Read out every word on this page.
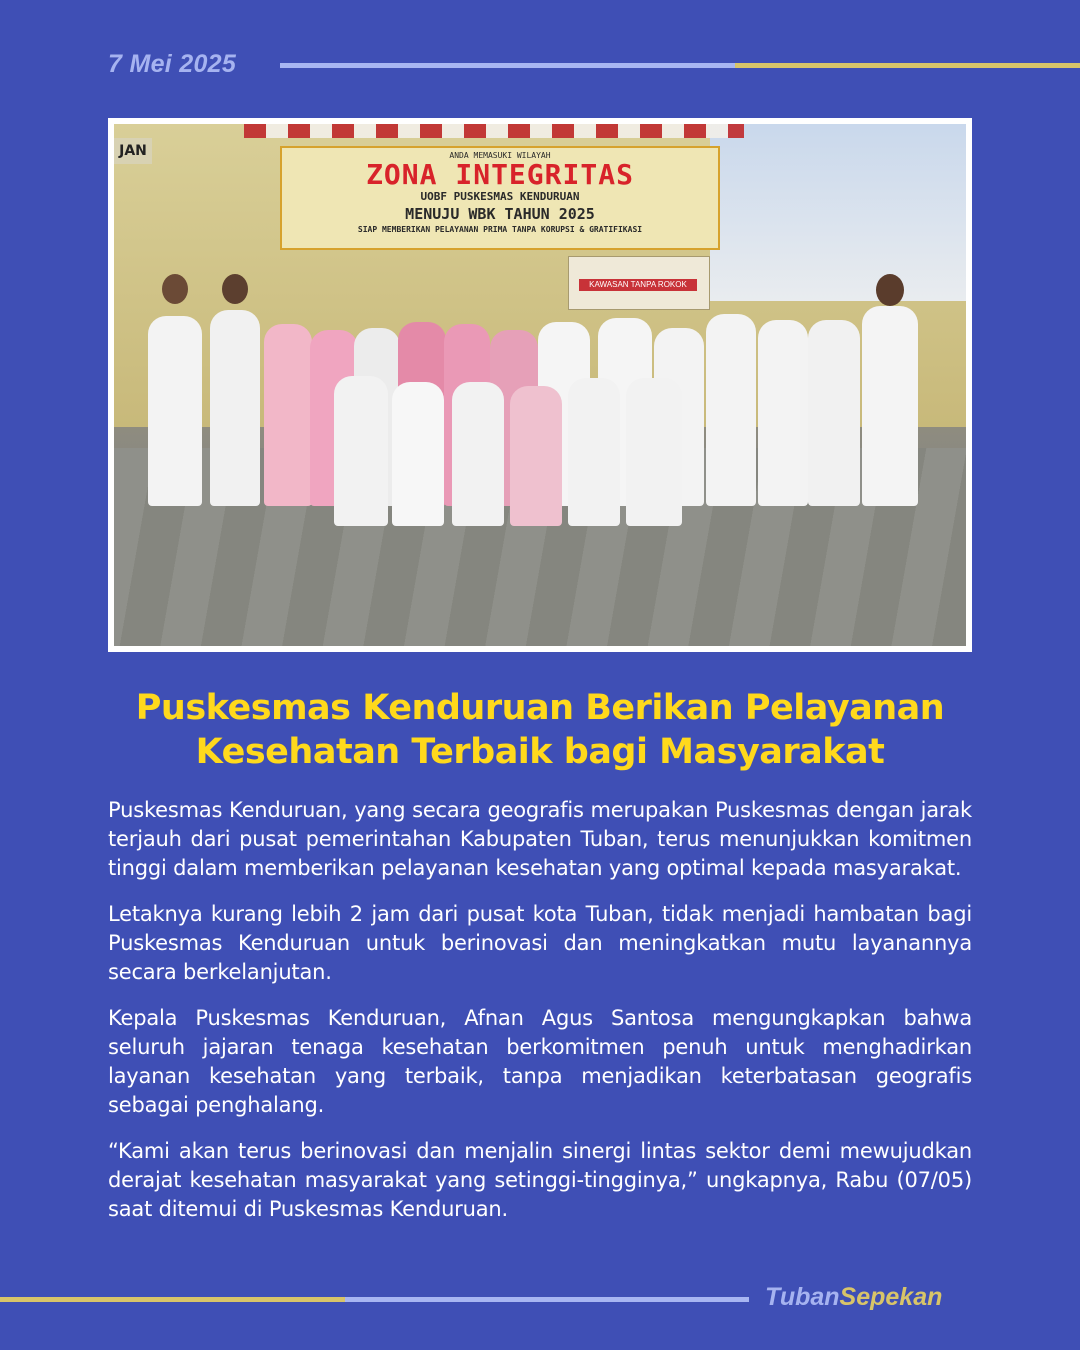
7 Mei 2025
JAN	ANDA MEMASUKI WILAYAH
ZONA INTEGRITAS
UOBF PUSKESMAS KENDURUAN
MENUJU WBK TAHUN 2025
SIAP MEMBERIKAN PELAYANAN PRIMA TANPA KORUPSI & GRATIFIKASI
KAWASAN TANPA ROKOK
Puskesmas Kenduruan Berikan Pelayanan Kesehatan Terbaik bagi Masyarakat

Puskesmas Kenduruan, yang secara geografis merupakan Puskesmas dengan jarak terjauh dari pusat pemerintahan Kabupaten Tuban, terus menunjukkan komitmen tinggi dalam memberikan pelayanan kesehatan yang optimal kepada masyarakat.

Letaknya kurang lebih 2 jam dari pusat kota Tuban, tidak menjadi hambatan bagi Puskesmas Kenduruan untuk berinovasi dan meningkatkan mutu layanannya secara berkelanjutan.

Kepala Puskesmas Kenduruan, Afnan Agus Santosa mengungkapkan bahwa seluruh jajaran tenaga kesehatan berkomitmen penuh untuk menghadirkan layanan kesehatan yang terbaik, tanpa menjadikan keterbatasan geografis sebagai penghalang.

“Kami akan terus berinovasi dan menjalin sinergi lintas sektor demi mewujudkan derajat kesehatan masyarakat yang setinggi-tingginya,” ungkapnya, Rabu (07/05) saat ditemui di Puskesmas Kenduruan.

TubanSepekan
